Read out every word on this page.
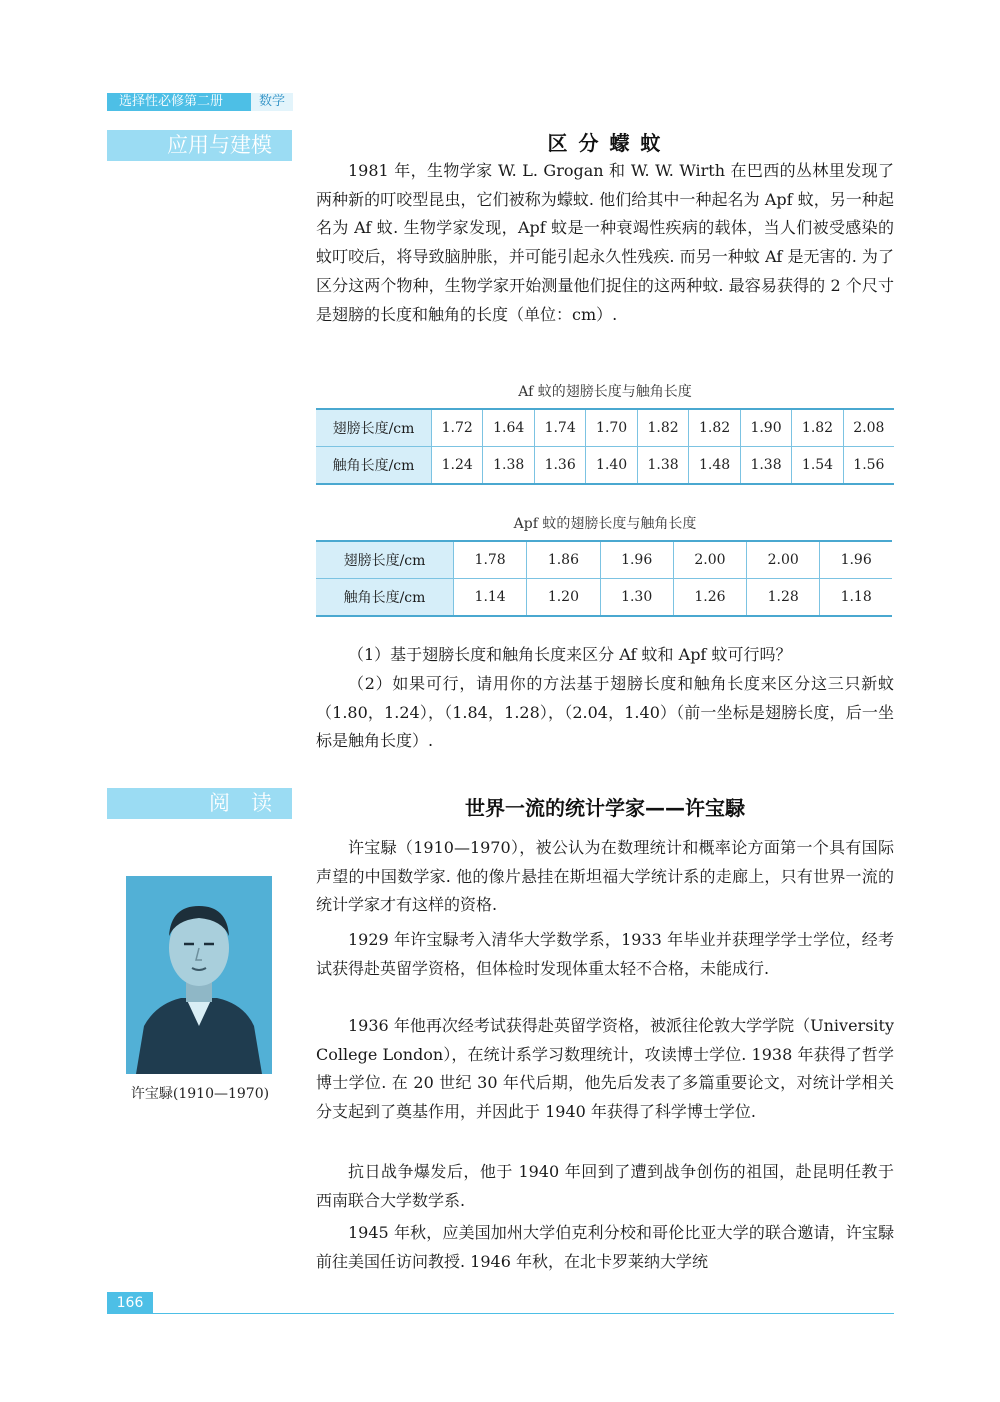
选择性必修第二册	数学
应用与建模	区 分 蠓 蚊

1981 年，生物学家 W. L. Grogan 和 W. W. Wirth 在巴西的丛林里发现了两种新的叮咬型昆虫，它们被称为蠓蚊. 他们给其中一种起名为 Apf 蚊，另一种起名为 Af 蚊. 生物学家发现，Apf 蚊是一种衰竭性疾病的载体，当人们被受感染的蚊叮咬后，将导致脑肿胀，并可能引起永久性残疾. 而另一种蚊 Af 是无害的. 为了区分这两个物种，生物学家开始测量他们捉住的这两种蚊. 最容易获得的 2 个尺寸是翅膀的长度和触角的长度（单位：cm）.

Af 蚊的翅膀长度与触角长度
翅膀长度/cm	1.72	1.64	1.74	1.70	1.82	1.82	1.90	1.82	2.08
触角长度/cm	1.24	1.38	1.36	1.40	1.38	1.48	1.38	1.54	1.56
Apf 蚊的翅膀长度与触角长度
翅膀长度/cm	1.78	1.86	1.96	2.00	2.00	1.96
触角长度/cm	1.14	1.20	1.30	1.26	1.28	1.18

（1）基于翅膀长度和触角长度来区分 Af 蚊和 Apf 蚊可行吗？

（2）如果可行，请用你的方法基于翅膀长度和触角长度来区分这三只新蚊（1.80，1.24），（1.84，1.28），（2.04，1.40）（前一坐标是翅膀长度，后一坐标是触角长度）.

阅　读	世界一流的统计学家——许宝騄
许宝騄(1910—1970)

许宝騄（1910—1970），被公认为在数理统计和概率论方面第一个具有国际声望的中国数学家. 他的像片悬挂在斯坦福大学统计系的走廊上，只有世界一流的统计学家才有这样的资格.

1929 年许宝騄考入清华大学数学系，1933 年毕业并获理学学士学位，经考试获得赴英留学资格，但体检时发现体重太轻不合格，未能成行.

1936 年他再次经考试获得赴英留学资格，被派往伦敦大学学院（University College London），在统计系学习数理统计，攻读博士学位. 1938 年获得了哲学博士学位. 在 20 世纪 30 年代后期，他先后发表了多篇重要论文，对统计学相关分支起到了奠基作用，并因此于 1940 年获得了科学博士学位.

抗日战争爆发后，他于 1940 年回到了遭到战争创伤的祖国，赴昆明任教于西南联合大学数学系.

1945 年秋，应美国加州大学伯克利分校和哥伦比亚大学的联合邀请，许宝騄前往美国任访问教授. 1946 年秋，在北卡罗莱纳大学统

166
